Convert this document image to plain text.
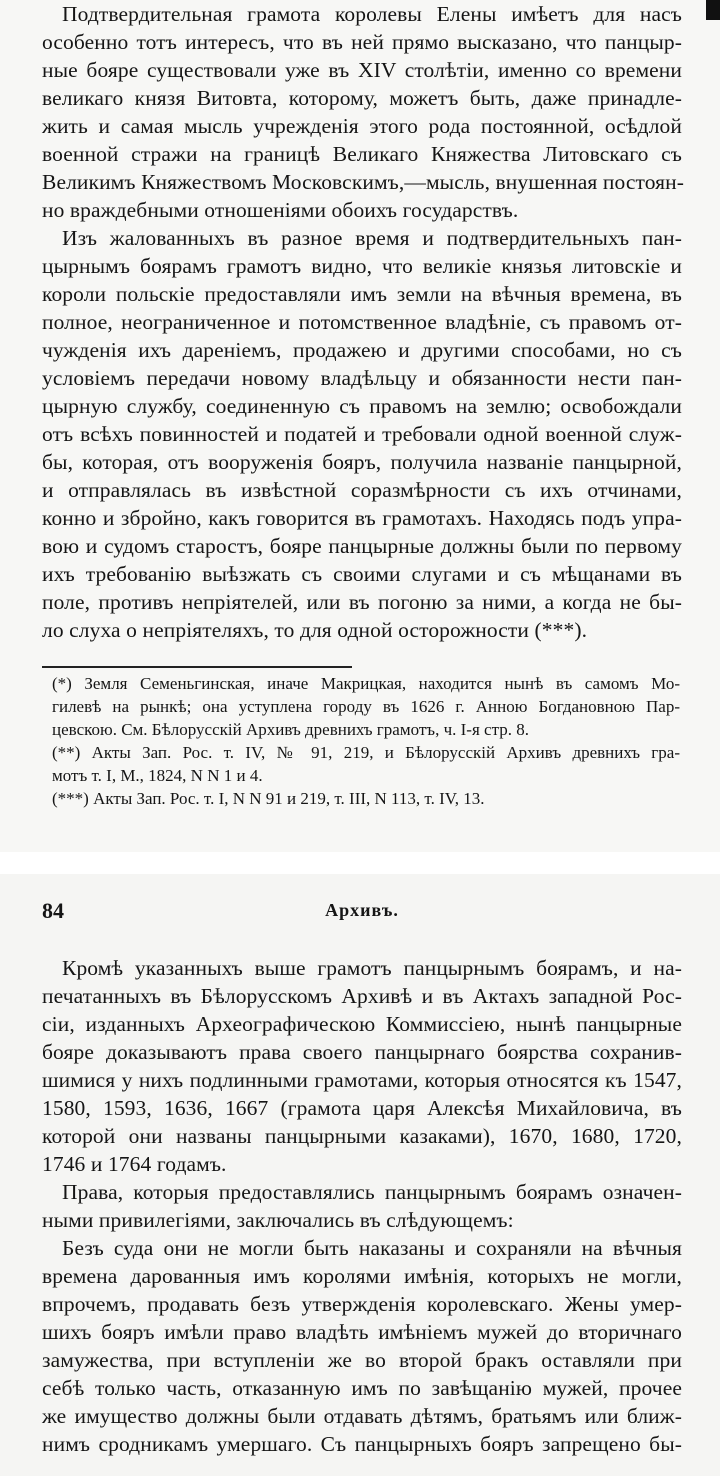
Подтвердительная грамота королевы Елены имѣетъ для насъ
особенно тотъ интересъ, что въ ней прямо высказано, что панцыр-
ные бояре существовали уже въ XIV столѣтіи, именно со времени
великаго князя Витовта, которому, можетъ быть, даже принадле-
жить и самая мысль учрежденія этого рода постоянной, осѣдлой
военной стражи на границѣ Великаго Княжества Литовскаго съ
Великимъ Княжествомъ Московскимъ,—мысль, внушенная постоян-
но враждебными отношеніями обоихъ государствъ.
Изъ жалованныхъ въ разное время и подтвердительныхъ пан-
цырнымъ боярамъ грамотъ видно, что великіе князья литовскіе и
короли польскіе предоставляли имъ земли на вѣчныя времена, въ
полное, неограниченное и потомственное владѣніе, съ правомъ от-
чужденія ихъ дареніемъ, продажею и другими способами, но съ
условіемъ передачи новому владѣльцу и обязанности нести пан-
цырную службу, соединенную съ правомъ на землю; освобождали
отъ всѣхъ повинностей и податей и требовали одной военной служ-
бы, которая, отъ вооруженія бояръ, получила названіе панцырной,
и отправлялась въ извѣстной соразмѣрности съ ихъ отчинами,
конно и збройно, какъ говорится въ грамотахъ. Находясь подъ упра-
вою и судомъ старостъ, бояре панцырные должны были по первому
ихъ требованію выѣзжать съ своими слугами и съ мѣщанами въ
поле, противъ непріятелей, или въ погоню за ними, а когда не бы-
ло слуха о непріятеляхъ, то для одной осторожности (***).
(*) Земля Семеньгинская, иначе Макрицкая, находится нынѣ въ самомъ Мо-
гилевѣ на рынкѣ; она уступлена городу въ 1626 г. Анною Богдановною Пар-
цевскою. См. Бѣлорусскій Архивъ древнихъ грамотъ, ч. I-я стр. 8.
(**) Акты Зап. Рос. т. IV, № 91, 219, и Бѣлорусскій Архивъ древнихъ гра-
мотъ т. I, М., 1824, N N 1 и 4.
(***) Акты Зап. Рос. т. I, N N 91 и 219, т. III, N 113, т. IV, 13.
84	Архивъ.
Кромѣ указанныхъ выше грамотъ панцырнымъ боярамъ, и на-
печатанныхъ въ Бѣлорусскомъ Архивѣ и въ Актахъ западной Рос-
сіи, изданныхъ Археографическою Коммиссіею, нынѣ панцырные
бояре доказываютъ права своего панцырнаго боярства сохранив-
шимися у нихъ подлинными грамотами, которыя относятся къ 1547,
1580, 1593, 1636, 1667 (грамота царя Алексѣя Михайловича, въ
которой они названы панцырными казаками), 1670, 1680, 1720,
1746 и 1764 годамъ.
Права, которыя предоставлялись панцырнымъ боярамъ означен-
ными привилегіями, заключались въ слѣдующемъ:
Безъ суда они не могли быть наказаны и сохраняли на вѣчныя
времена дарованныя имъ королями имѣнія, которыхъ не могли,
впрочемъ, продавать безъ утвержденія королевскаго. Жены умер-
шихъ бояръ имѣли право владѣть имѣніемъ мужей до вторичнаго
замужества, при вступленіи же во второй бракъ оставляли при
себѣ только часть, отказанную имъ по завѣщанію мужей, прочее
же имущество должны были отдавать дѣтямъ, братьямъ или ближ-
нимъ сродникамъ умершаго. Съ панцырныхъ бояръ запрещено бы-
